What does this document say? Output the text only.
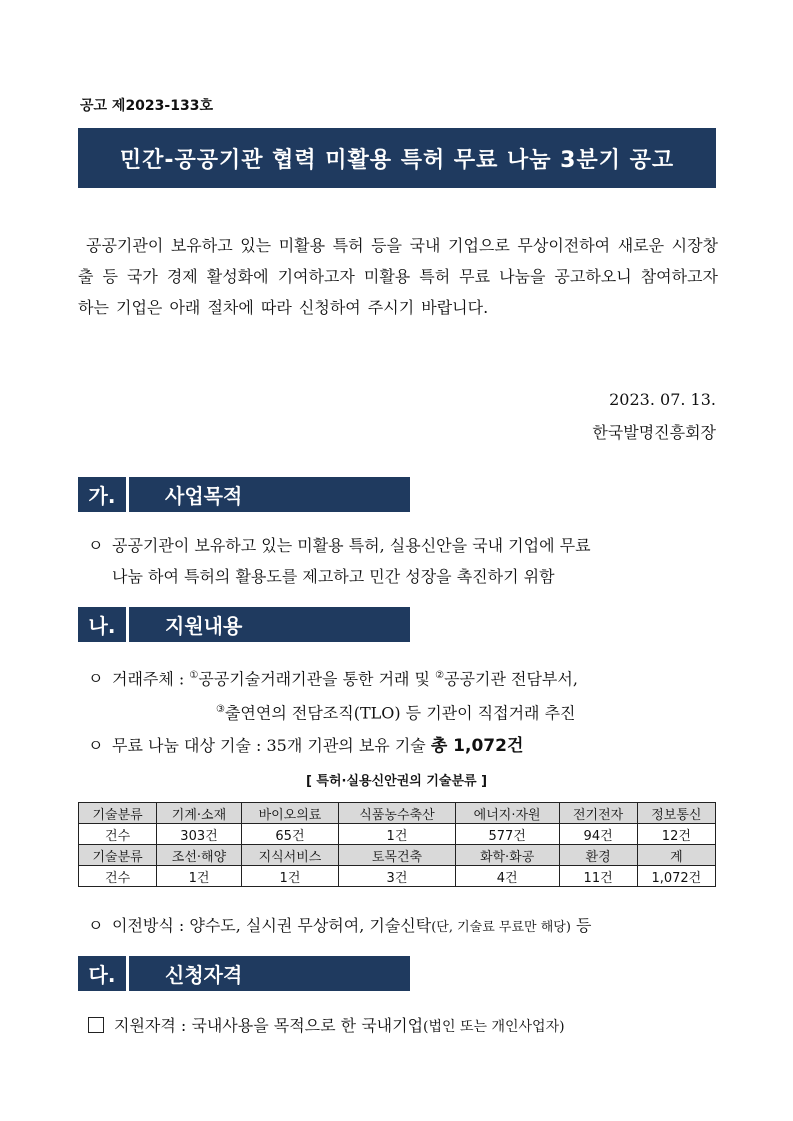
공고 제2023-133호
민간-공공기관 협력 미활용 특허 무료 나눔 3분기 공고
공공기관이 보유하고 있는 미활용 특허 등을 국내 기업으로 무상이전하여 새로운 시장창출 등 국가 경제 활성화에 기여하고자 미활용 특허 무료 나눔을 공고하오니 참여하고자 하는 기업은 아래 절차에 따라 신청하여 주시기 바랍니다.
2023. 07. 13.
한국발명진흥회장
가.	사업목적
ㅇ 공공기관이 보유하고 있는 미활용 특허, 실용신안을 국내 기업에 무료
나눔 하여 특허의 활용도를 제고하고 민간 성장을 촉진하기 위함
나.	지원내용
ㅇ 거래주체 : ①공공기술거래기관을 통한 거래 및 ②공공기관 전담부서,
③출연연의 전담조직(TLO) 등 기관이 직접거래 추진
ㅇ 무료 나눔 대상 기술 : 35개 기관의 보유 기술 총 1,072건
[ 특허·실용신안권의 기술분류 ]
기술분류	기계·소재	바이오의료	식품농수축산	에너지·자원	전기전자	정보통신
건수	303건	65건	1건	577건	94건	12건
기술분류	조선·해양	지식서비스	토목건축	화학·화공	환경	계
건수	1건	1건	3건	4건	11건	1,072건
ㅇ 이전방식 : 양수도, 실시권 무상허여, 기술신탁(단, 기술료 무료만 해당) 등
다.	신청자격
지원자격 : 국내사용을 목적으로 한 국내기업(법인 또는 개인사업자)
